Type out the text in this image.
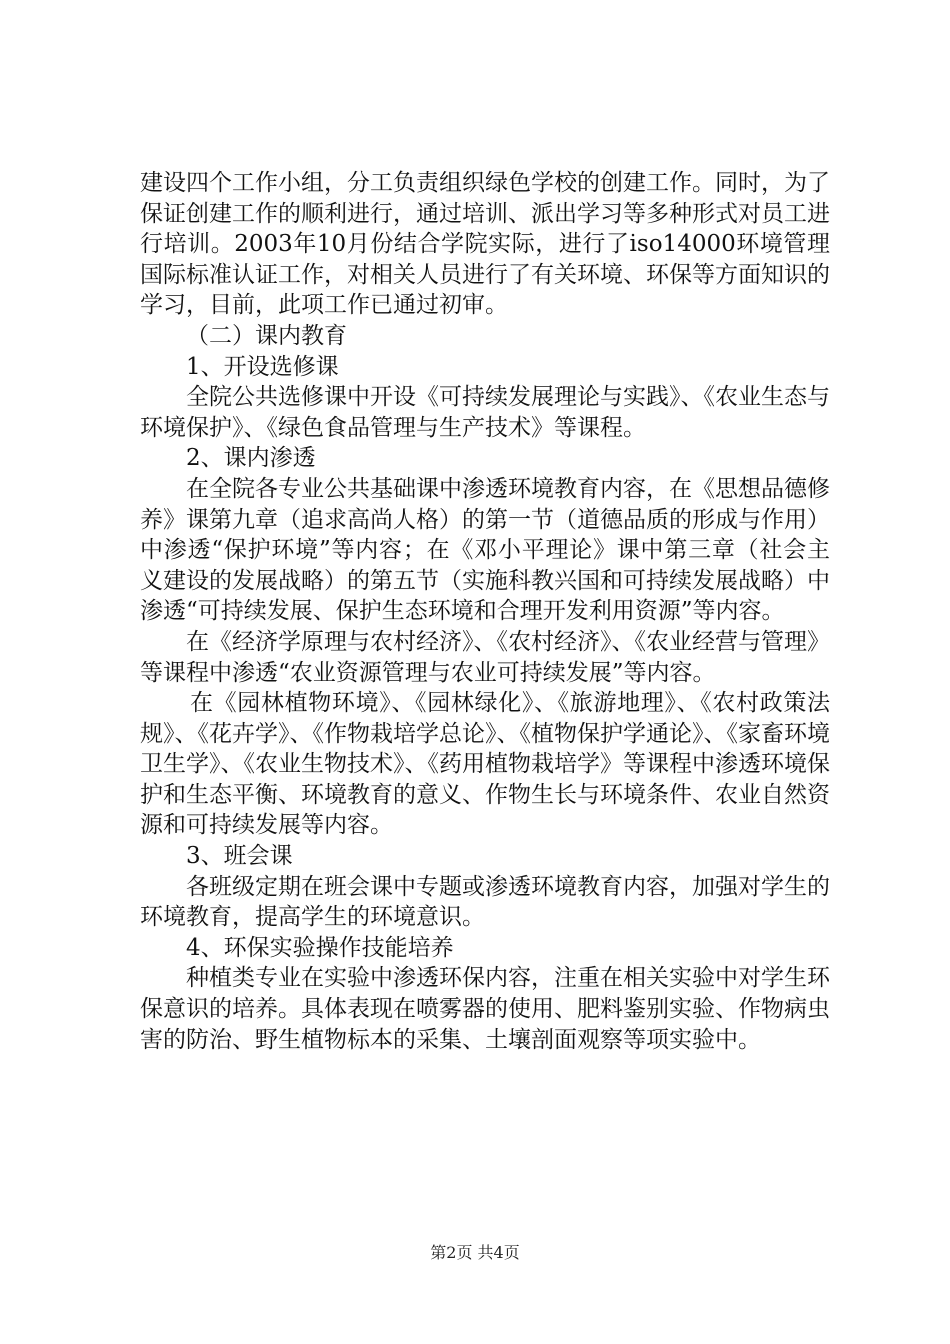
建设四个工作小组，分工负责组织绿色学校的创建工作。同时，为了保证创建工作的顺利进行，通过培训、派出学习等多种形式对员工进行培训。2003年10月份结合学院实际，进行了iso14000环境管理国际标准认证工作，对相关人员进行了有关环境、环保等方面知识的学习，目前，此项工作已通过初审。

（二）课内教育

1、开设选修课

全院公共选修课中开设《可持续发展理论与实践》、《农业生态与环境保护》、《绿色食品管理与生产技术》等课程。

2、课内渗透

在全院各专业公共基础课中渗透环境教育内容，在《思想品德修养》课第九章（追求高尚人格）的第一节（道德品质的形成与作用）中渗透“保护环境”等内容；在《邓小平理论》课中第三章（社会主义建设的发展战略）的第五节（实施科教兴国和可持续发展战略）中渗透“可持续发展、保护生态环境和合理开发利用资源”等内容。

在《经济学原理与农村经济》、《农村经济》、《农业经营与管理》等课程中渗透“农业资源管理与农业可持续发展”等内容。

在《园林植物环境》、《园林绿化》、《旅游地理》、《农村政策法规》、《花卉学》、《作物栽培学总论》、《植物保护学通论》、《家畜环境卫生学》、《农业生物技术》、《药用植物栽培学》等课程中渗透环境保护和生态平衡、环境教育的意义、作物生长与环境条件、农业自然资源和可持续发展等内容。

3、班会课

各班级定期在班会课中专题或渗透环境教育内容，加强对学生的环境教育，提高学生的环境意识。

4、环保实验操作技能培养

种植类专业在实验中渗透环保内容，注重在相关实验中对学生环保意识的培养。具体表现在喷雾器的使用、肥料鉴别实验、作物病虫害的防治、野生植物标本的采集、土壤剖面观察等项实验中。

第2页 共4页
